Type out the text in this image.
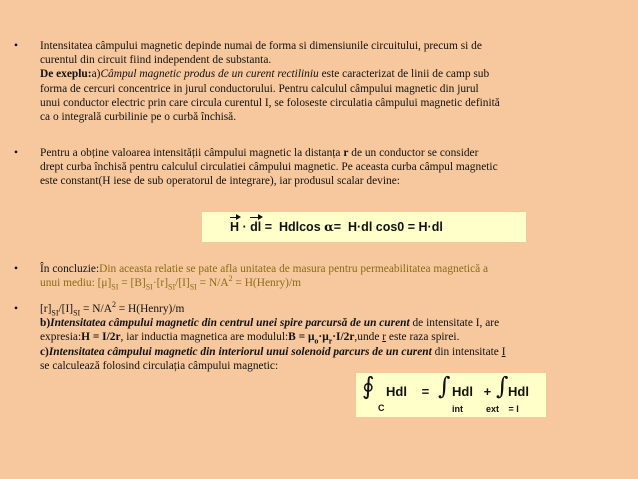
•	Intensitatea câmpului magnetic depinde numai de forma si dimensiunile circuitului, precum si de
curentul din circuit fiind independent de substanta.
De exeplu:a)Câmpul magnetic produs de un curent rectiliniu este caracterizat de linii de camp sub
forma de cercuri concentrice in jurul conductorului. Pentru calculul câmpului magnetic din jurul
unui conductor electric prin care circula curentul I, se foloseste circulatia câmpului magnetic definită
ca o integrală curbilinie pe o curbă închisă.
•	Pentru a obține valoarea intensității câmpului magnetic la distanța r de un conductor se consider
drept curba închisă pentru calculul circulatiei câmpului magnetic. Pe aceasta curba câmpul magnetic
este constant(H iese de sub operatorul de integrare), iar produsul scalar devine:
H · dl =  Hdlcos α =  H·dl cos0 = H·dl
•	În concluzie:Din aceasta relatie se pate afla unitatea de masura pentru permeabilitatea magnetică a
unui mediu: $[\mu]_{SI} = [B]_{SI}\cdot[r]_{SI}/[I]_{SI} = N/A^2$ = H(Henry)/m
•	$[r]_{SI}/[I]_{SI} = N/A^2$ = H(Henry)/m
b)Intensitatea câmpului magnetic din centrul unei spire parcursă de un curent de intensitate I, are
expresia:H = I/2r, iar inductia magnetica are modulul:B = $\mu_o\cdot\mu_r\cdot I/2r,unde$ r este raza spirei.
c)Intensitatea câmpului magnetic din interiorul unui solenoid parcurs de un curent din intensitate I
se calculează folosind circulația câmpului magnetic:
∮
C
Hdl = ∫ Hdl
int
+ ∫ Hdl
ext = I
